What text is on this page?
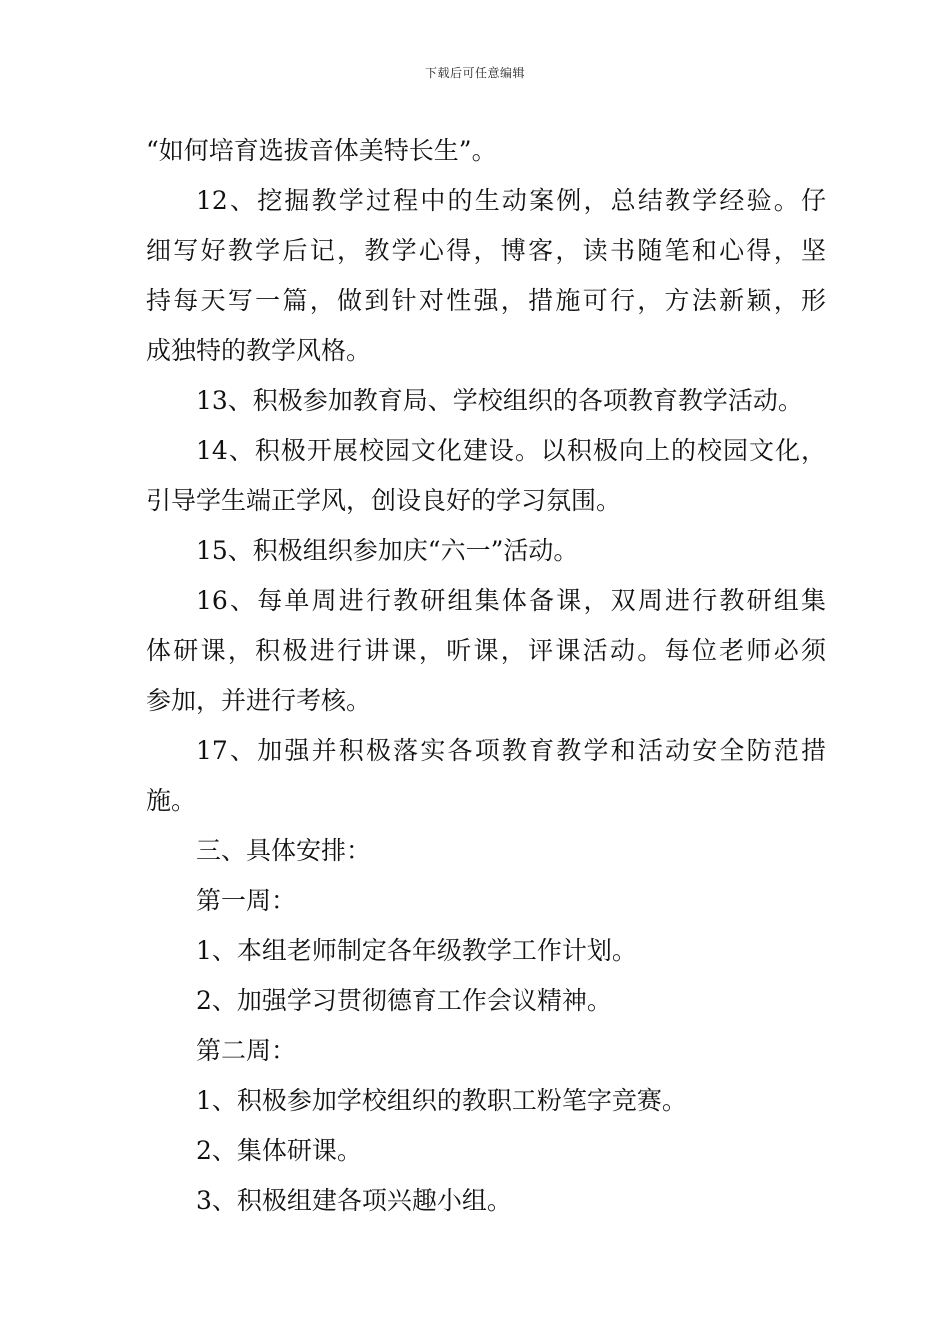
下载后可任意编辑
“如何培育选拔音体美特长生”。
12、挖掘教学过程中的生动案例，总结教学经验。仔
细写好教学后记，教学心得，博客，读书随笔和心得，坚
持每天写一篇，做到针对性强，措施可行，方法新颖，形
成独特的教学风格。
13、积极参加教育局、学校组织的各项教育教学活动。
14、积极开展校园文化建设。以积极向上的校园文化，
引导学生端正学风，创设良好的学习氛围。
15、积极组织参加庆“六一”活动。
16、每单周进行教研组集体备课，双周进行教研组集
体研课，积极进行讲课，听课，评课活动。每位老师必须
参加，并进行考核。
17、加强并积极落实各项教育教学和活动安全防范措
施。
三、具体安排：
第一周：
1、本组老师制定各年级教学工作计划。
2、加强学习贯彻德育工作会议精神。
第二周：
1、积极参加学校组织的教职工粉笔字竞赛。
2、集体研课。
3、积极组建各项兴趣小组。
